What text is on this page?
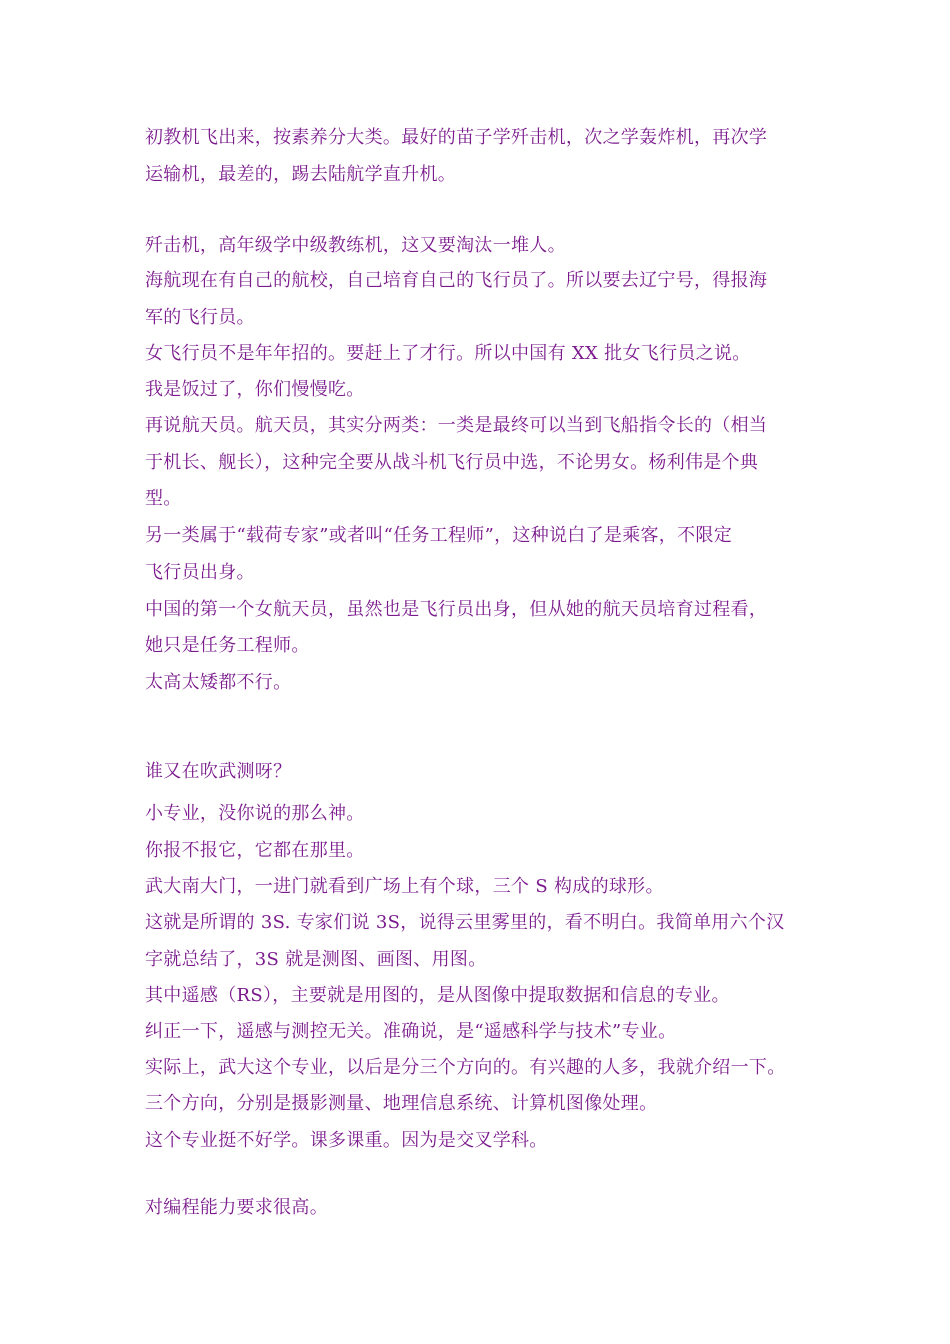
初教机飞出来，按素养分大类。最好的苗子学歼击机，次之学轰炸机，再次学
运输机，最差的，踢去陆航学直升机。
歼击机，高年级学中级教练机，这又要淘汰一堆人。
海航现在有自己的航校，自己培育自己的飞行员了。所以要去辽宁号，得报海
军的飞行员。
女飞行员不是年年招的。要赶上了才行。所以中国有 XX 批女飞行员之说。
我是饭过了，你们慢慢吃。
再说航天员。航天员，其实分两类：一类是最终可以当到飞船指令长的（相当
于机长、舰长），这种完全要从战斗机飞行员中选，不论男女。杨利伟是个典
型。
另一类属于“载荷专家”或者叫“任务工程师”，这种说白了是乘客，不限定
飞行员出身。
中国的第一个女航天员，虽然也是飞行员出身，但从她的航天员培育过程看，
她只是任务工程师。
太高太矮都不行。
谁又在吹武测呀？
小专业，没你说的那么神。
你报不报它，它都在那里。
武大南大门，一进门就看到广场上有个球，三个 S 构成的球形。
这就是所谓的 3S. 专家们说 3S，说得云里雾里的，看不明白。我简单用六个汉
字就总结了，3S 就是测图、画图、用图。
其中遥感（RS），主要就是用图的，是从图像中提取数据和信息的专业。
纠正一下，遥感与测控无关。准确说，是“遥感科学与技术”专业。
实际上，武大这个专业，以后是分三个方向的。有兴趣的人多，我就介绍一下。
三个方向，分别是摄影测量、地理信息系统、计算机图像处理。
这个专业挺不好学。课多课重。因为是交叉学科。
对编程能力要求很高。
